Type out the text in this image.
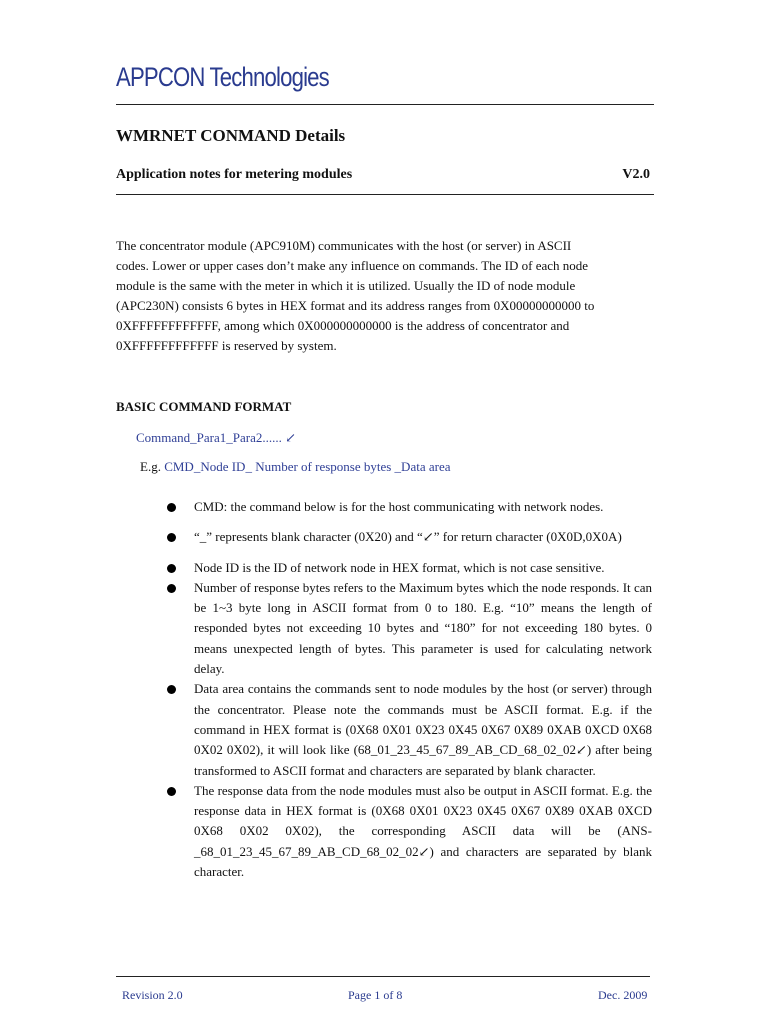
APPCON Technologies
WMRNET CONMAND Details
Application notes for metering modules	V2.0

The concentrator module (APC910M) communicates with the host (or server) in ASCII
codes. Lower or upper cases don’t make any influence on commands. The ID of each node
module is the same with the meter in which it is utilized. Usually the ID of node module
(APC230N) consists 6 bytes in HEX format and its address ranges from 0X00000000000 to
0XFFFFFFFFFFFF, among which 0X000000000000 is the address of concentrator and
0XFFFFFFFFFFFF is reserved by system.

BASIC COMMAND FORMAT
Command_Para1_Para2...... ↙
E.g. CMD_Node ID_ Number of response bytes _Data area
CMD: the command below is for the host communicating with network nodes.
“_” represents blank character (0X20) and “↙” for return character (0X0D,0X0A)
Node ID is the ID of network node in HEX format, which is not case sensitive.
Number of response bytes refers to the Maximum bytes which the node responds. It can be 1~3 byte long in ASCII format from 0 to 180. E.g. “10” means the length of responded bytes not exceeding 10 bytes and “180” for not exceeding 180 bytes. 0 means unexpected length of bytes. This parameter is used for calculating network delay.
Data area contains the commands sent to node modules by the host (or server) through the concentrator. Please note the commands must be ASCII format. E.g. if the command in HEX format is (0X68 0X01 0X23 0X45 0X67 0X89 0XAB 0XCD 0X68 0X02 0X02), it will look like (68_01_23_45_67_89_AB_CD_68_02_02↙) after being transformed to ASCII format and characters are separated by blank character.
The response data from the node modules must also be output in ASCII format. E.g. the response data in HEX format is (0X68 0X01 0X23 0X45 0X67 0X89 0XAB 0XCD 0X68 0X02 0X02), the corresponding ASCII data will be (ANS-_68_01_23_45_67_89_AB_CD_68_02_02↙) and characters are separated by blank character.
Revision 2.0	Page 1 of 8	Dec. 2009
